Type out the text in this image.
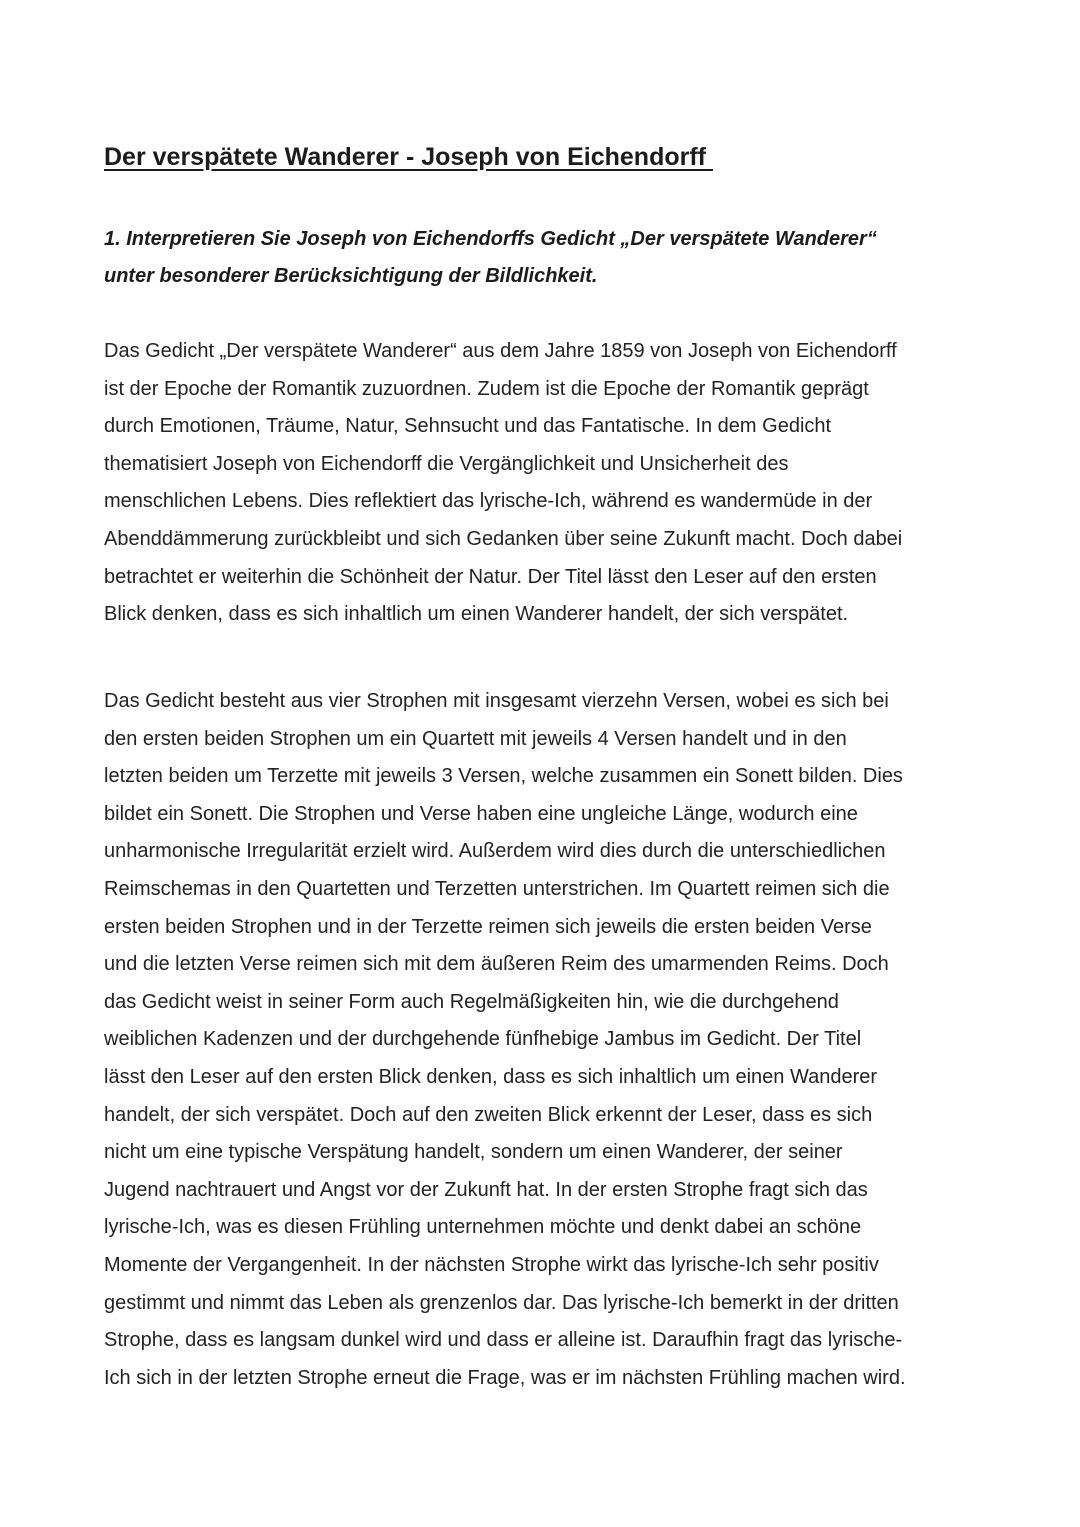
Der verspätete Wanderer - Joseph von Eichendorff

1. Interpretieren Sie Joseph von Eichendorffs Gedicht „Der verspätete Wanderer“
unter besonderer Berücksichtigung der Bildlichkeit.

Das Gedicht „Der verspätete Wanderer“ aus dem Jahre 1859 von Joseph von Eichendorff
ist der Epoche der Romantik zuzuordnen. Zudem ist die Epoche der Romantik geprägt
durch Emotionen, Träume, Natur, Sehnsucht und das Fantatische. In dem Gedicht
thematisiert Joseph von Eichendorff die Vergänglichkeit und Unsicherheit des
menschlichen Lebens. Dies reflektiert das lyrische-Ich, während es wandermüde in der
Abenddämmerung zurückbleibt und sich Gedanken über seine Zukunft macht. Doch dabei
betrachtet er weiterhin die Schönheit der Natur. Der Titel lässt den Leser auf den ersten
Blick denken, dass es sich inhaltlich um einen Wanderer handelt, der sich verspätet.

Das Gedicht besteht aus vier Strophen mit insgesamt vierzehn Versen, wobei es sich bei
den ersten beiden Strophen um ein Quartett mit jeweils 4 Versen handelt und in den
letzten beiden um Terzette mit jeweils 3 Versen, welche zusammen ein Sonett bilden. Dies
bildet ein Sonett. Die Strophen und Verse haben eine ungleiche Länge, wodurch eine
unharmonische Irregularität erzielt wird. Außerdem wird dies durch die unterschiedlichen
Reimschemas in den Quartetten und Terzetten unterstrichen. Im Quartett reimen sich die
ersten beiden Strophen und in der Terzette reimen sich jeweils die ersten beiden Verse
und die letzten Verse reimen sich mit dem äußeren Reim des umarmenden Reims. Doch
das Gedicht weist in seiner Form auch Regelmäßigkeiten hin, wie die durchgehend
weiblichen Kadenzen und der durchgehende fünfhebige Jambus im Gedicht. Der Titel
lässt den Leser auf den ersten Blick denken, dass es sich inhaltlich um einen Wanderer
handelt, der sich verspätet. Doch auf den zweiten Blick erkennt der Leser, dass es sich
nicht um eine typische Verspätung handelt, sondern um einen Wanderer, der seiner
Jugend nachtrauert und Angst vor der Zukunft hat. In der ersten Strophe fragt sich das
lyrische-Ich, was es diesen Frühling unternehmen möchte und denkt dabei an schöne
Momente der Vergangenheit. In der nächsten Strophe wirkt das lyrische-Ich sehr positiv
gestimmt und nimmt das Leben als grenzenlos dar. Das lyrische-Ich bemerkt in der dritten
Strophe, dass es langsam dunkel wird und dass er alleine ist. Daraufhin fragt das lyrische-
Ich sich in der letzten Strophe erneut die Frage, was er im nächsten Frühling machen wird.
